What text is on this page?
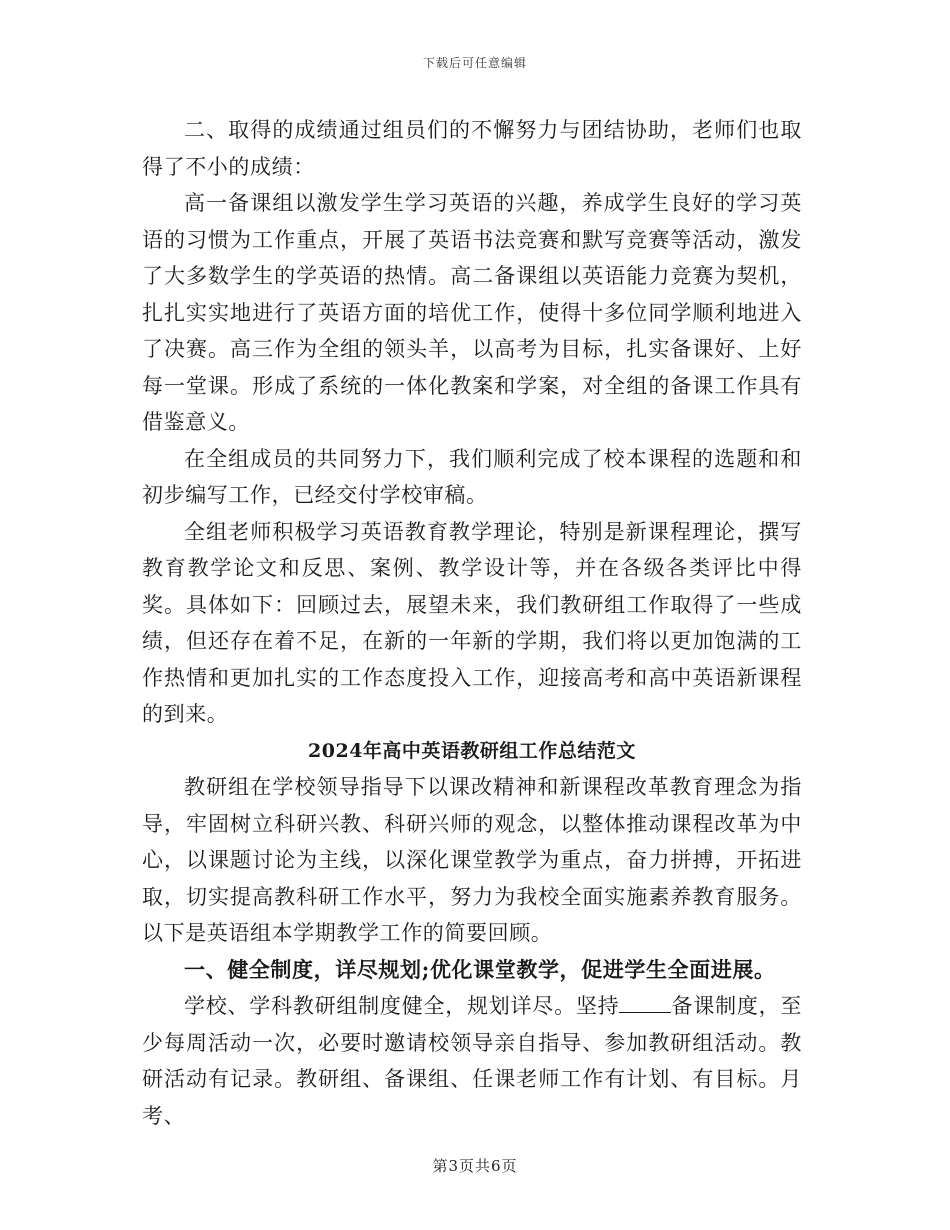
下载后可任意编辑

二、取得的成绩通过组员们的不懈努力与团结协助，老师们也取得了不小的成绩：

高一备课组以激发学生学习英语的兴趣，养成学生良好的学习英语的习惯为工作重点，开展了英语书法竞赛和默写竞赛等活动，激发了大多数学生的学英语的热情。高二备课组以英语能力竞赛为契机，扎扎实实地进行了英语方面的培优工作，使得十多位同学顺利地进入了决赛。高三作为全组的领头羊，以高考为目标，扎实备课好、上好每一堂课。形成了系统的一体化教案和学案，对全组的备课工作具有借鉴意义。

在全组成员的共同努力下，我们顺利完成了校本课程的选题和和初步编写工作，已经交付学校审稿。

全组老师积极学习英语教育教学理论，特别是新课程理论，撰写教育教学论文和反思、案例、教学设计等，并在各级各类评比中得奖。具体如下：回顾过去，展望未来，我们教研组工作取得了一些成绩，但还存在着不足，在新的一年新的学期，我们将以更加饱满的工作热情和更加扎实的工作态度投入工作，迎接高考和高中英语新课程的到来。

2024年高中英语教研组工作总结范文

教研组在学校领导指导下以课改精神和新课程改革教育理念为指导，牢固树立科研兴教、科研兴师的观念，以整体推动课程改革为中心，以课题讨论为主线，以深化课堂教学为重点，奋力拼搏，开拓进取，切实提高教科研工作水平，努力为我校全面实施素养教育服务。以下是英语组本学期教学工作的简要回顾。

一、健全制度，详尽规划;优化课堂教学，促进学生全面进展。

学校、学科教研组制度健全，规划详尽。坚持 备课制度，至少每周活动一次，必要时邀请校领导亲自指导、参加教研组活动。教研活动有记录。教研组、备课组、任课老师工作有计划、有目标。月考、

第3页共6页
